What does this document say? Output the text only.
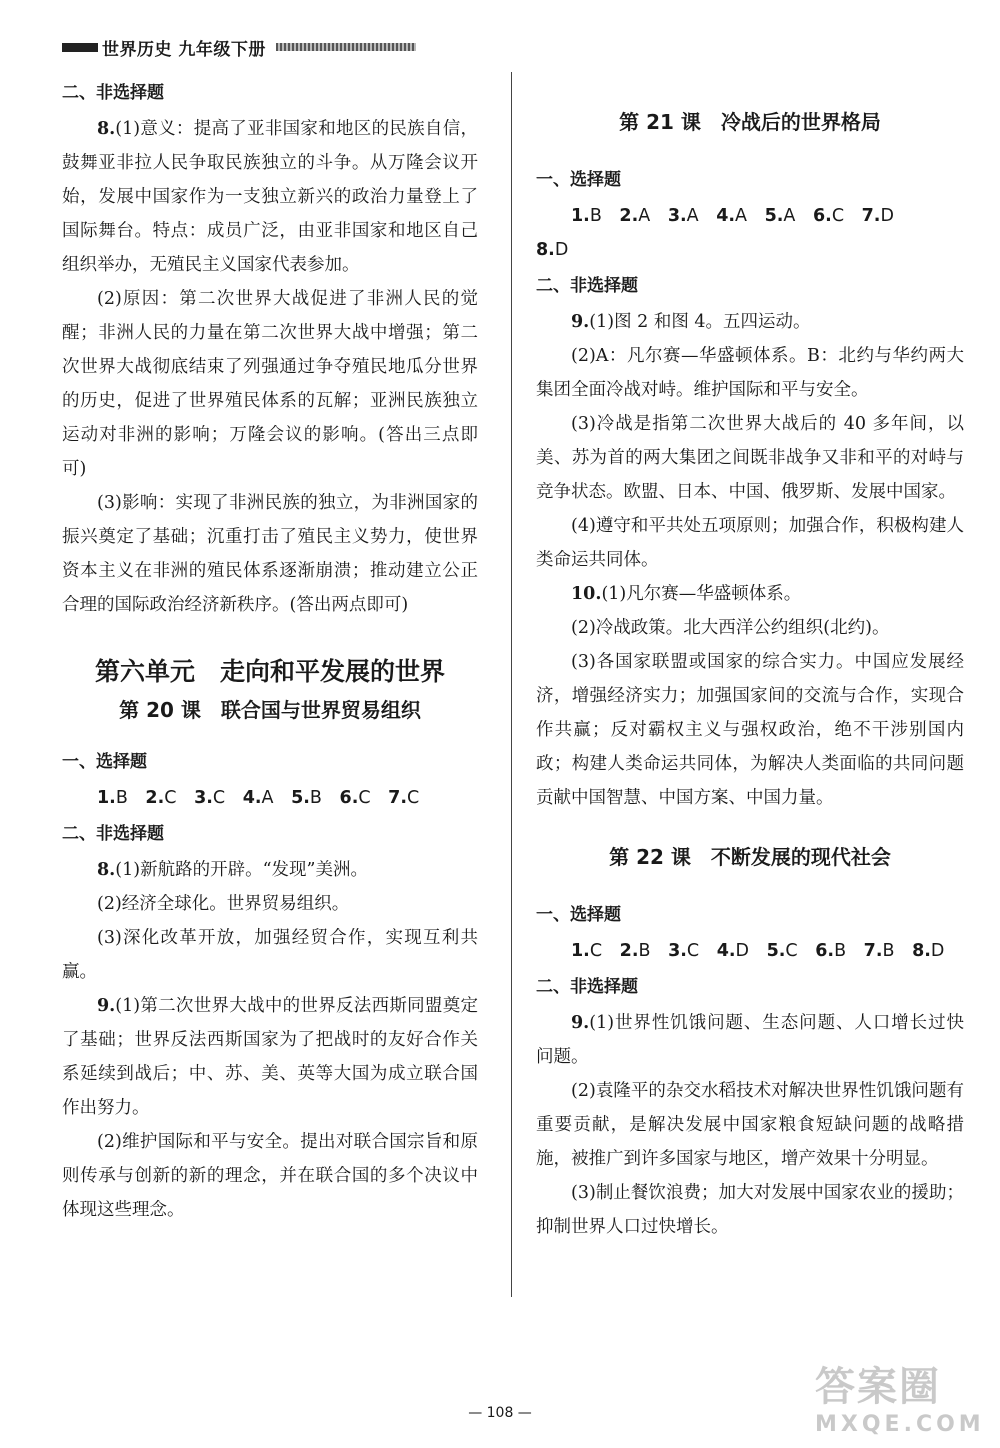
世界历史 九年级下册
二、非选择题

8.(1)意义：提高了亚非国家和地区的民族自信，鼓舞亚非拉人民争取民族独立的斗争。从万隆会议开始，发展中国家作为一支独立新兴的政治力量登上了国际舞台。特点：成员广泛，由亚非国家和地区自己组织举办，无殖民主义国家代表参加。

(2)原因：第二次世界大战促进了非洲人民的觉醒；非洲人民的力量在第二次世界大战中增强；第二次世界大战彻底结束了列强通过争夺殖民地瓜分世界的历史，促进了世界殖民体系的瓦解；亚洲民族独立运动对非洲的影响；万隆会议的影响。(答出三点即可)

(3)影响：实现了非洲民族的独立，为非洲国家的振兴奠定了基础；沉重打击了殖民主义势力，使世界资本主义在非洲的殖民体系逐渐崩溃；推动建立公正合理的国际政治经济新秩序。(答出两点即可)

第六单元　走向和平发展的世界
第 20 课　联合国与世界贸易组织
一、选择题

1.B 2.C 3.C 4.A 5.B 6.C 7.C

二、非选择题

8.(1)新航路的开辟。“发现”美洲。

(2)经济全球化。世界贸易组织。

(3)深化改革开放，加强经贸合作，实现互利共赢。

9.(1)第二次世界大战中的世界反法西斯同盟奠定了基础；世界反法西斯国家为了把战时的友好合作关系延续到战后；中、苏、美、英等大国为成立联合国作出努力。

(2)维护国际和平与安全。提出对联合国宗旨和原则传承与创新的新的理念，并在联合国的多个决议中体现这些理念。

第 21 课　冷战后的世界格局
一、选择题

1.B 2.A 3.A 4.A 5.A 6.C 7.D

8.D

二、非选择题

9.(1)图 2 和图 4。五四运动。

(2)A：凡尔赛—华盛顿体系。B：北约与华约两大集团全面冷战对峙。维护国际和平与安全。

(3)冷战是指第二次世界大战后的 40 多年间，以美、苏为首的两大集团之间既非战争又非和平的对峙与竞争状态。欧盟、日本、中国、俄罗斯、发展中国家。

(4)遵守和平共处五项原则；加强合作，积极构建人类命运共同体。

10.(1)凡尔赛—华盛顿体系。

(2)冷战政策。北大西洋公约组织(北约)。

(3)各国家联盟或国家的综合实力。中国应发展经济，增强经济实力；加强国家间的交流与合作，实现合作共赢；反对霸权主义与强权政治，绝不干涉别国内政；构建人类命运共同体，为解决人类面临的共同问题贡献中国智慧、中国方案、中国力量。

第 22 课　不断发展的现代社会
一、选择题

1.C 2.B 3.C 4.D 5.C 6.B 7.B 8.D

二、非选择题

9.(1)世界性饥饿问题、生态问题、人口增长过快问题。

(2)袁隆平的杂交水稻技术对解决世界性饥饿问题有重要贡献，是解决发展中国家粮食短缺问题的战略措施，被推广到许多国家与地区，增产效果十分明显。

(3)制止餐饮浪费；加大对发展中国家农业的援助；抑制世界人口过快增长。

答案圈
MXQE.COM
— 108 —
